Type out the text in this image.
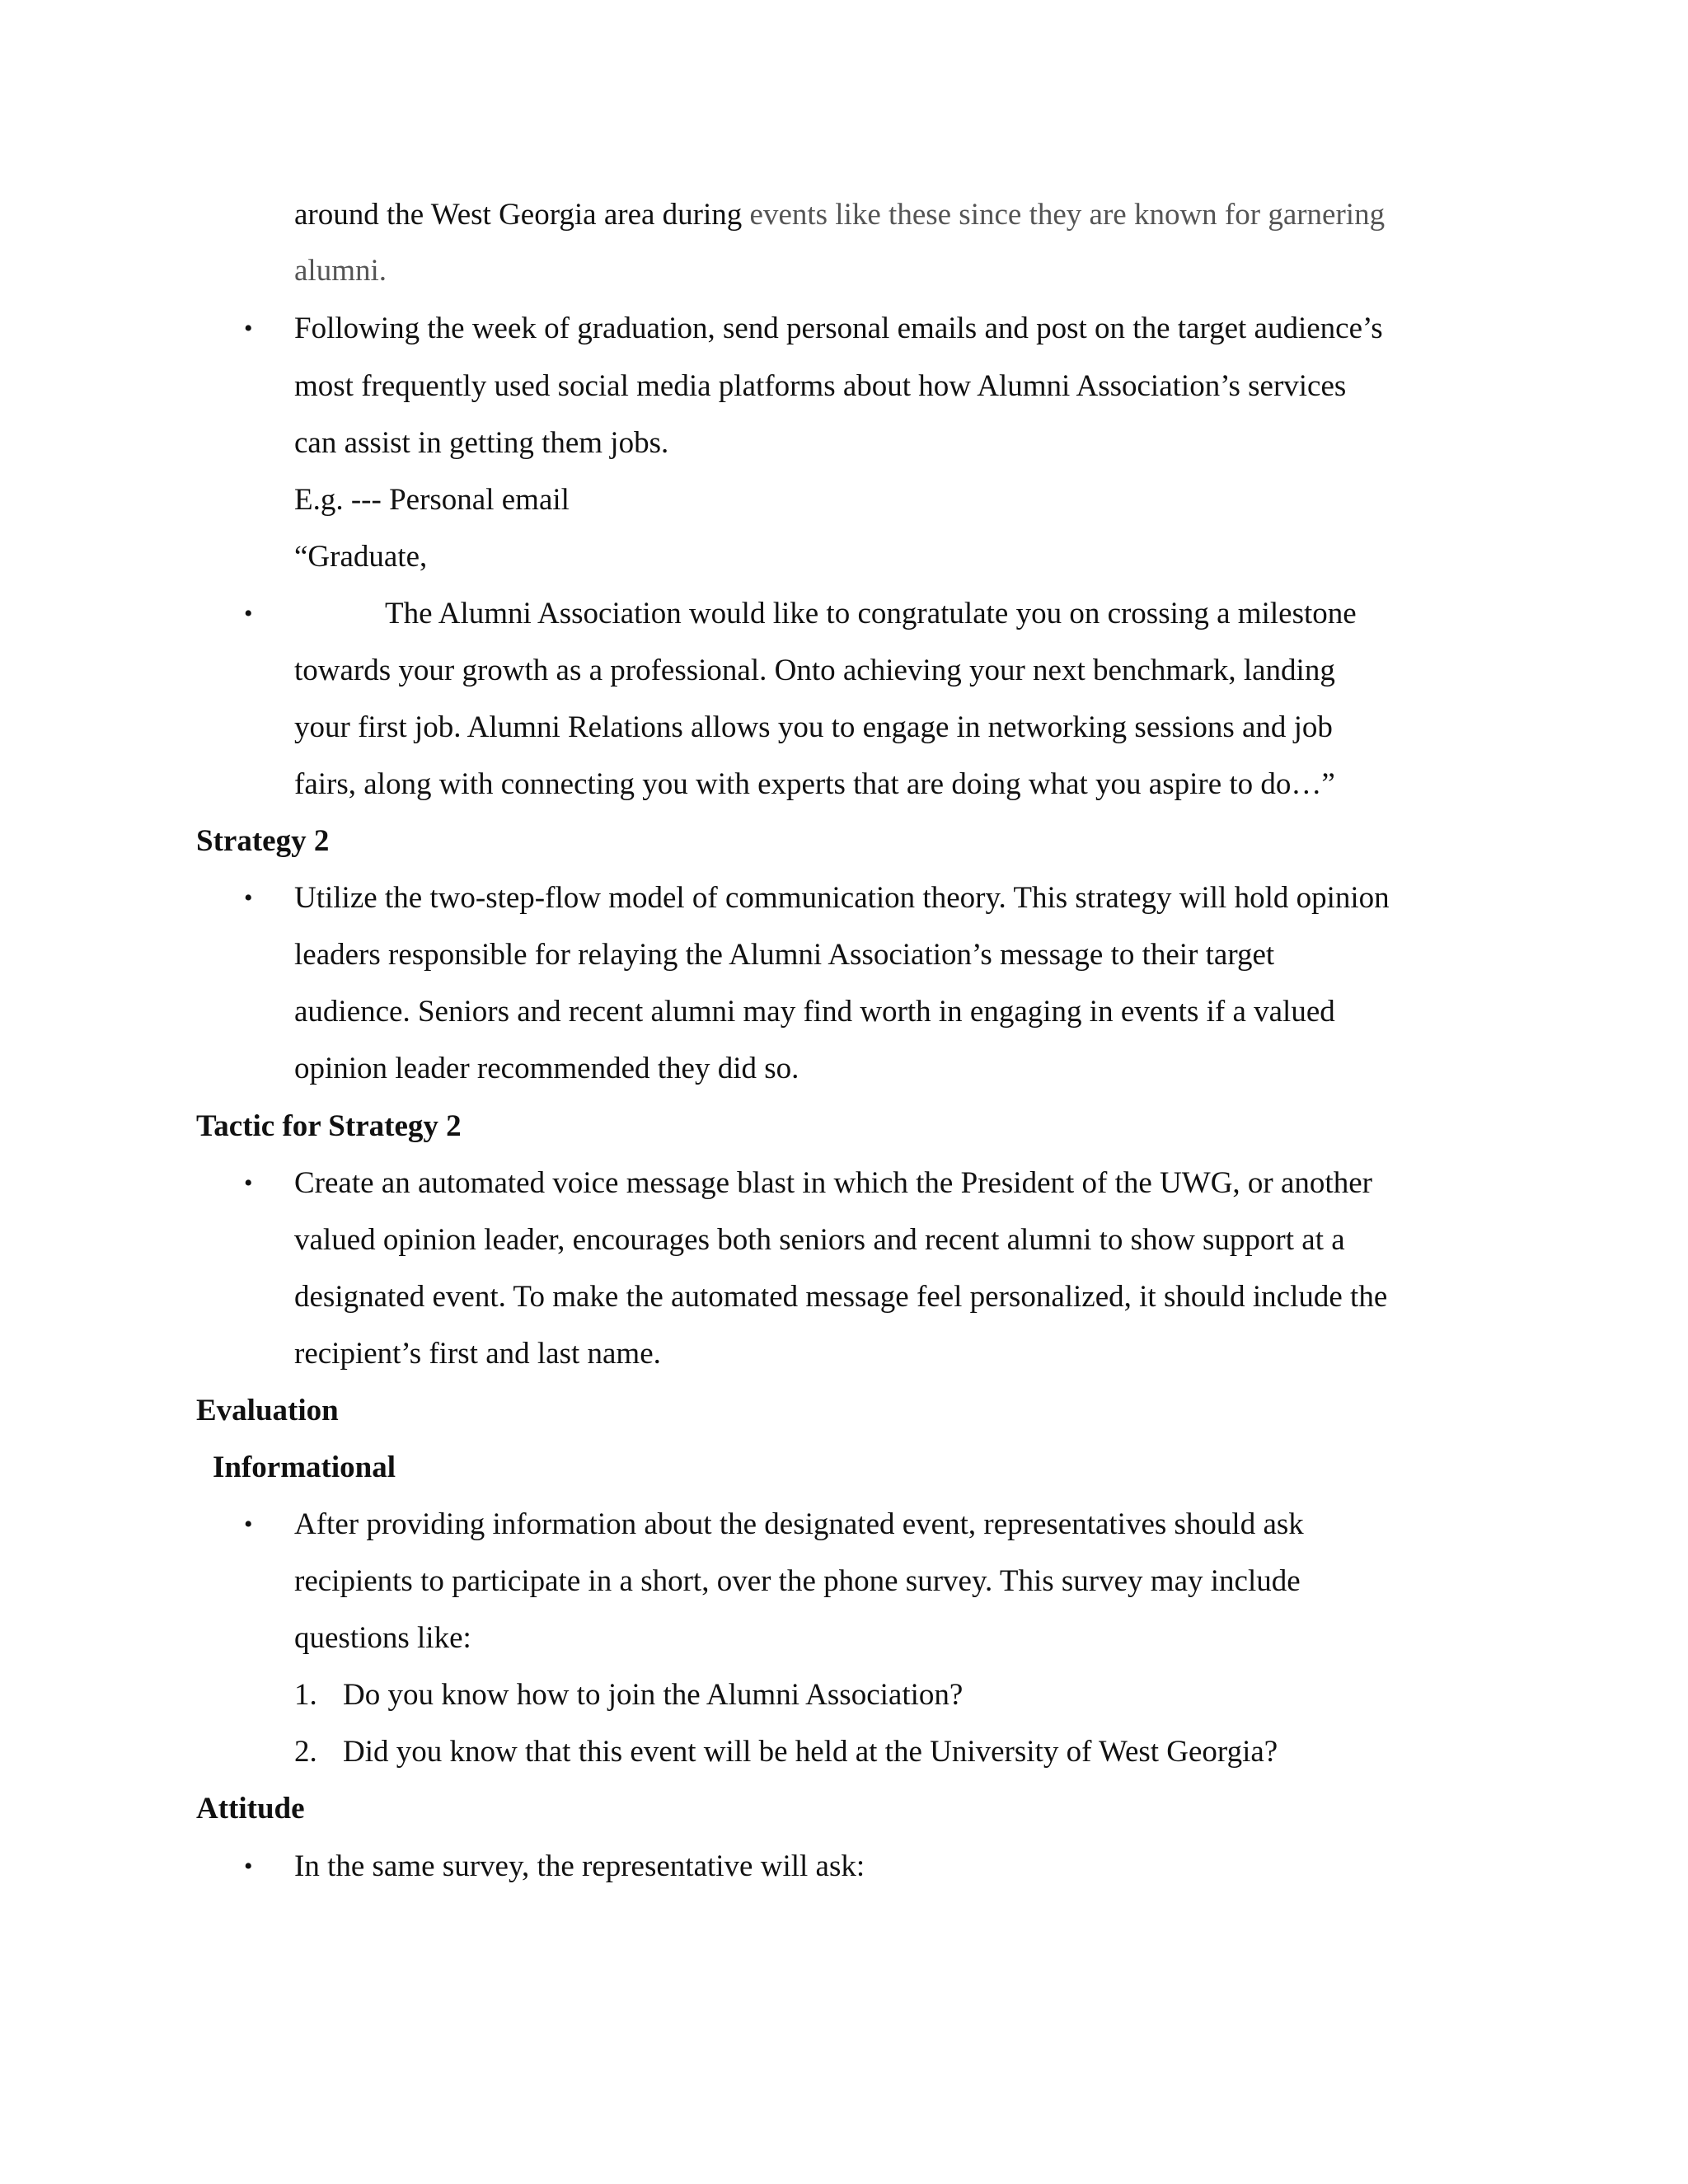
around the West Georgia area during events like these since they are known for garnering
alumni.
• Following the week of graduation, send personal emails and post on the target audience’s
most frequently used social media platforms about how Alumni Association’s services
can assist in getting them jobs.
E.g. --- Personal email
“Graduate,
•	The Alumni Association would like to congratulate you on crossing a milestone
towards your growth as a professional. Onto achieving your next benchmark, landing
your first job. Alumni Relations allows you to engage in networking sessions and job
fairs, along with connecting you with experts that are doing what you aspire to do…”
Strategy 2
• Utilize the two-step-flow model of communication theory. This strategy will hold opinion
leaders responsible for relaying the Alumni Association’s message to their target
audience. Seniors and recent alumni may find worth in engaging in events if a valued
opinion leader recommended they did so.
Tactic for Strategy 2
• Create an automated voice message blast in which the President of the UWG, or another
valued opinion leader, encourages both seniors and recent alumni to show support at a
designated event. To make the automated message feel personalized, it should include the
recipient’s first and last name.
Evaluation
Informational
• After providing information about the designated event, representatives should ask
recipients to participate in a short, over the phone survey. This survey may include
questions like:
1. Do you know how to join the Alumni Association?
2. Did you know that this event will be held at the University of West Georgia?
Attitude
• In the same survey, the representative will ask:
